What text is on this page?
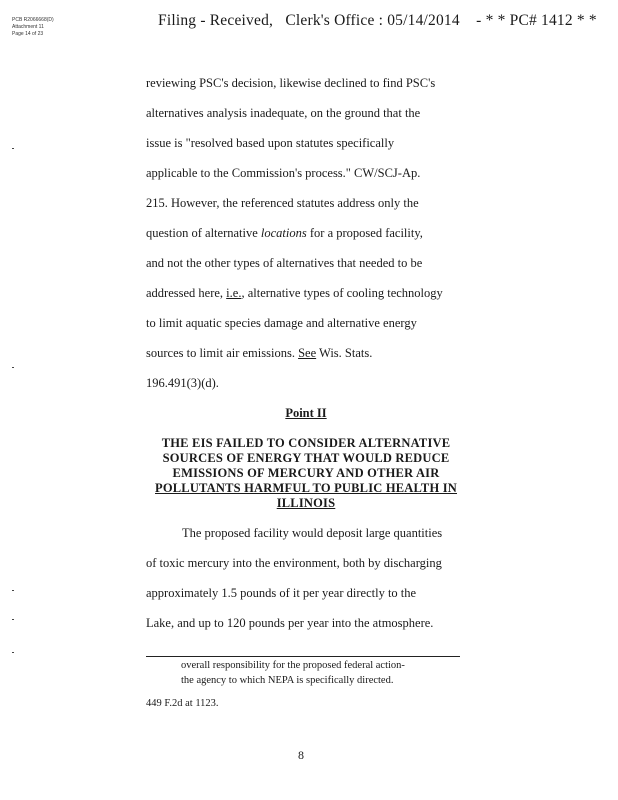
PCB R2066668(D)
Attachment 11
Page 14 of 23
Filing - Received, Clerk's Office : 05/14/2014 - * * PC# 1412 * *
reviewing PSC's decision, likewise declined to find PSC's
alternatives analysis inadequate, on the ground that the
issue is "resolved based upon statutes specifically
applicable to the Commission's process." CW/SCJ-Ap.
215. However, the referenced statutes address only the
question of alternative locations for a proposed facility,
and not the other types of alternatives that needed to be
addressed here, i.e., alternative types of cooling technology
to limit aquatic species damage and alternative energy
sources to limit air emissions. See Wis. Stats.
196.491(3)(d).
Point II
THE EIS FAILED TO CONSIDER ALTERNATIVE
SOURCES OF ENERGY THAT WOULD REDUCE
EMISSIONS OF MERCURY AND OTHER AIR
POLLUTANTS HARMFUL TO PUBLIC HEALTH IN
ILLINOIS
The proposed facility would deposit large quantities
of toxic mercury into the environment, both by discharging
approximately 1.5 pounds of it per year directly to the
Lake, and up to 120 pounds per year into the atmosphere.
overall responsibility for the proposed federal action-
the agency to which NEPA is specifically directed.
449 F.2d at 1123.
8
